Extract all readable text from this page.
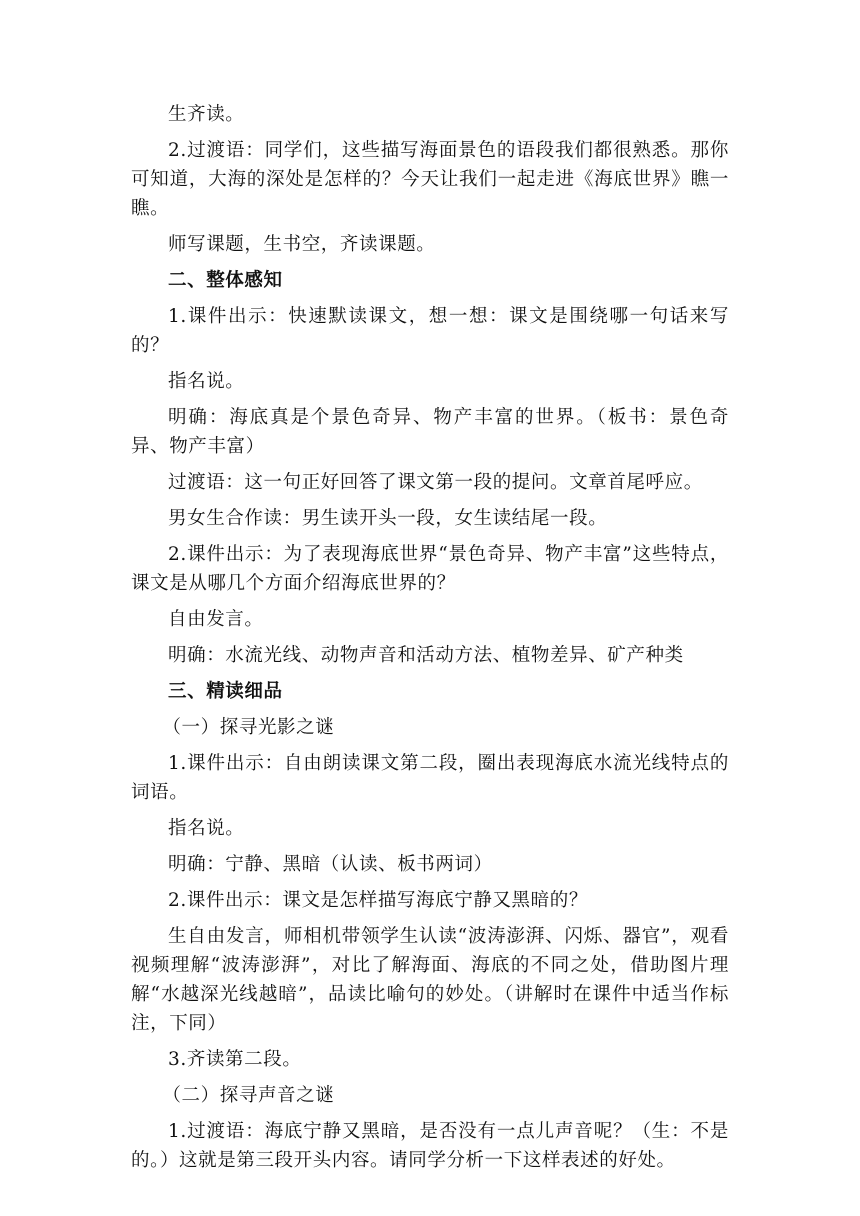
生齐读。

2.过渡语：同学们，这些描写海面景色的语段我们都很熟悉。那你可知道，大海的深处是怎样的？今天让我们一起走进《海底世界》瞧一瞧。

师写课题，生书空，齐读课题。

二、整体感知

1.课件出示：快速默读课文，想一想：课文是围绕哪一句话来写的？

指名说。

明确：海底真是个景色奇异、物产丰富的世界。（板书：景色奇异、物产丰富）

过渡语：这一句正好回答了课文第一段的提问。文章首尾呼应。

男女生合作读：男生读开头一段，女生读结尾一段。

2.课件出示：为了表现海底世界“景色奇异、物产丰富”这些特点，课文是从哪几个方面介绍海底世界的？

自由发言。

明确：水流光线、动物声音和活动方法、植物差异、矿产种类

三、精读细品

（一）探寻光影之谜

1.课件出示：自由朗读课文第二段，圈出表现海底水流光线特点的词语。

指名说。

明确：宁静、黑暗（认读、板书两词）

2.课件出示：课文是怎样描写海底宁静又黑暗的？

生自由发言，师相机带领学生认读“波涛澎湃、闪烁、器官”，观看视频理解“波涛澎湃”，对比了解海面、海底的不同之处，借助图片理解“水越深光线越暗”，品读比喻句的妙处。（讲解时在课件中适当作标注，下同）

3.齐读第二段。

（二）探寻声音之谜

1.过渡语：海底宁静又黑暗，是否没有一点儿声音呢？（生：不是的。）这就是第三段开头内容。请同学分析一下这样表述的好处。
